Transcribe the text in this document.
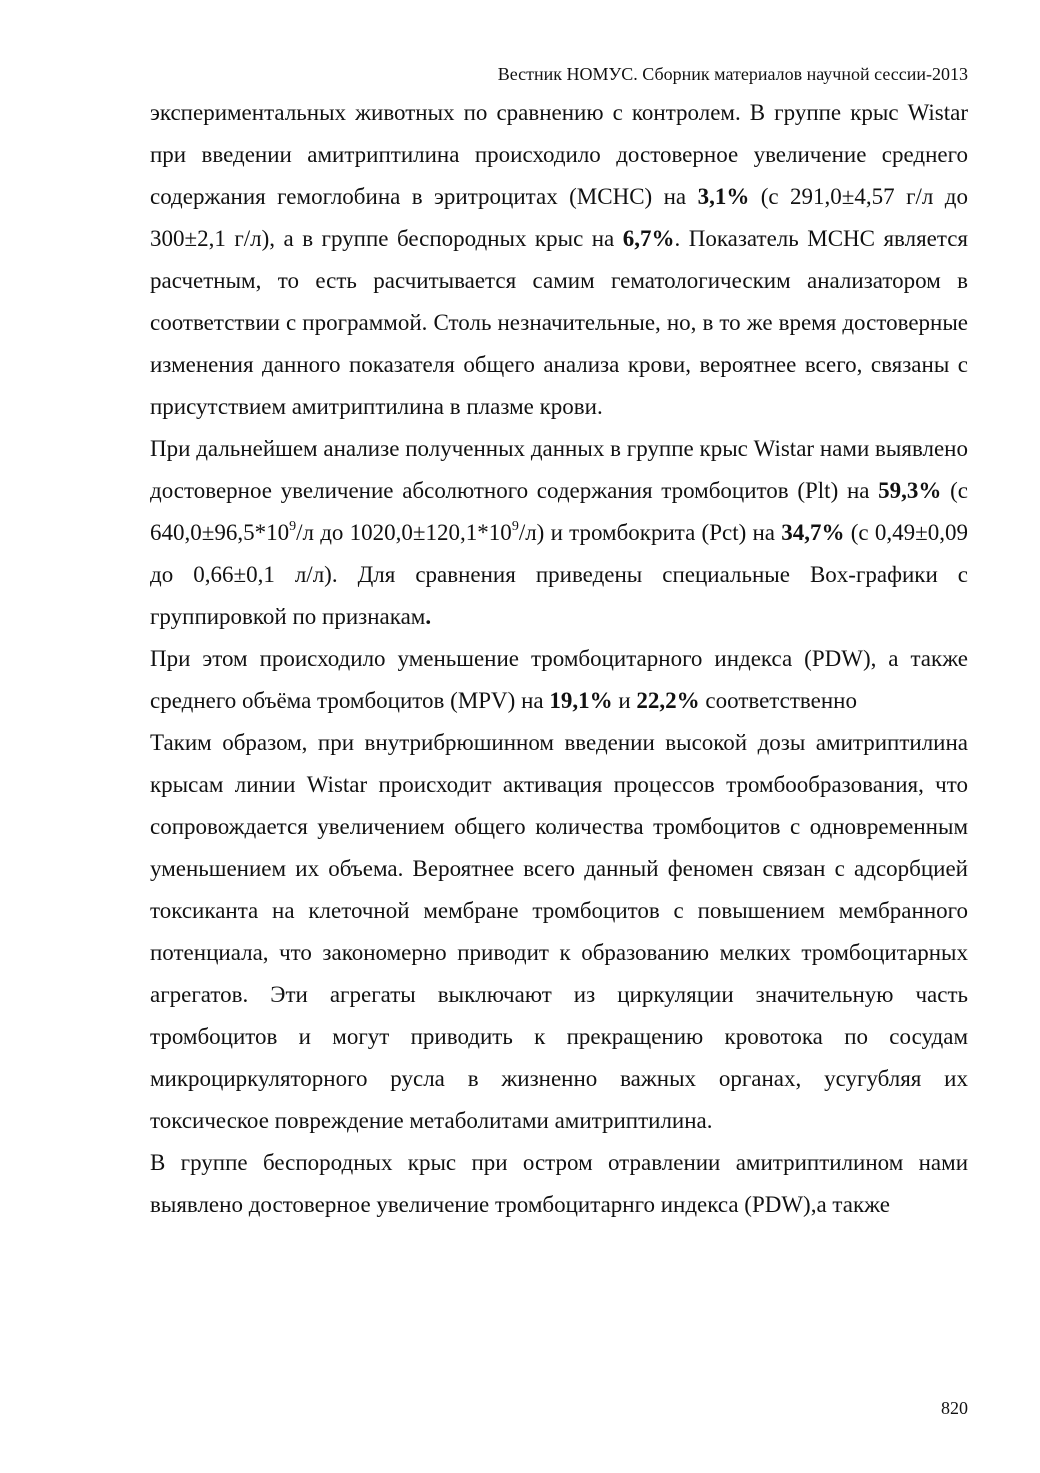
Вестник НОМУС. Сборник материалов научной сессии-2013

экспериментальных животных по сравнению с контролем. В группе крыс Wistar при введении амитриптилина происходило достоверное увеличение среднего содержания гемоглобина в эритроцитах (МСНС) на 3,1% (с 291,0±4,57 г/л до 300±2,1 г/л), а в группе беспородных крыс на 6,7%. Показатель МСНС является расчетным, то есть расчитывается самим гематологическим анализатором в соответствии с программой. Столь незначительные, но, в то же время достоверные изменения данного показателя общего анализа крови, вероятнее всего, связаны с присутствием амитриптилина в плазме крови.

При дальнейшем анализе полученных данных в группе крыс Wistar нами выявлено достоверное увеличение абсолютного содержания тромбоцитов (Plt) на 59,3% (с $640,0\pm 96,5*10^9/л$ до $1020,0\pm 120,1*10^9/л$) и тромбокрита (Pct) на 34,7% (с 0,49±0,09 до 0,66±0,1 л/л). Для сравнения приведены специальные Box-графики с группировкой по признакам.

При этом происходило уменьшение тромбоцитарного индекса (PDW), а также среднего объёма тромбоцитов (MPV) на 19,1% и 22,2% соответственно

Таким образом, при внутрибрюшинном введении высокой дозы амитриптилина крысам линии Wistar происходит активация процессов тромбообразования, что сопровождается увеличением общего количества тромбоцитов с одновременным уменьшением их объема. Вероятнее всего данный феномен связан с адсорбцией токсиканта на клеточной мембране тромбоцитов с повышением мембранного потенциала, что закономерно приводит к образованию мелких тромбоцитарных агрегатов. Эти агрегаты выключают из циркуляции значительную часть тромбоцитов и могут приводить к прекращению кровотока по сосудам микроциркуляторного русла в жизненно важных органах, усугубляя их токсическое повреждение метаболитами амитриптилина.

В группе беспородных крыс при остром отравлении амитриптилином нами выявлено достоверное увеличение тромбоцитарнго индекса (PDW),а также

820
